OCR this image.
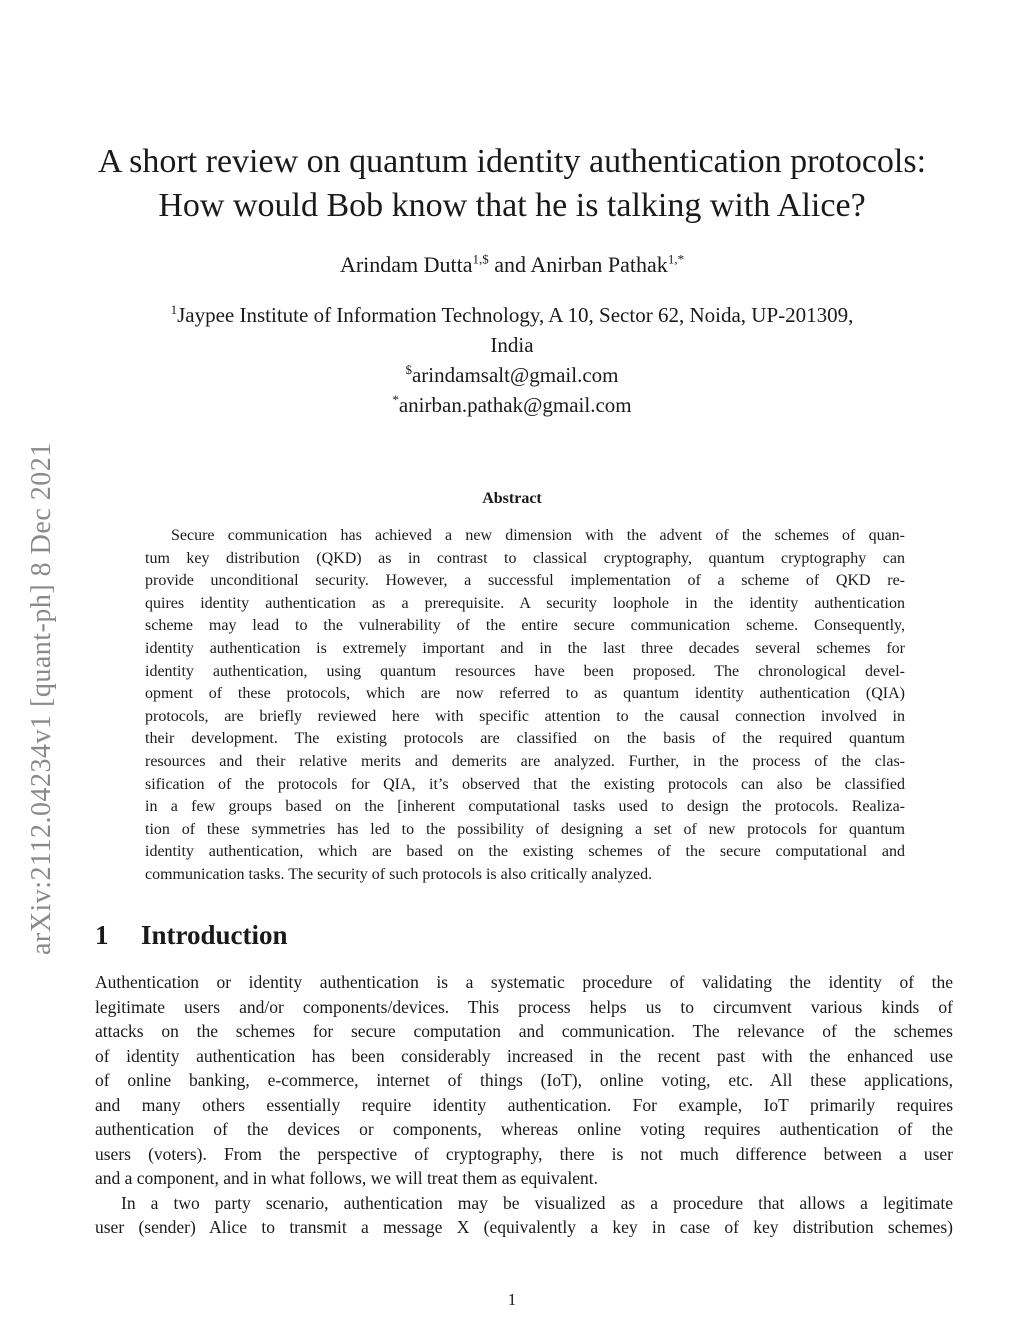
arXiv:2112.04234v1 [quant-ph] 8 Dec 2021
A short review on quantum identity authentication protocols:
How would Bob know that he is talking with Alice?
Arindam Dutta$^{1,\$}$ and Anirban Pathak$^{1,*}$
$^1$Jaypee Institute of Information Technology, A 10, Sector 62, Noida, UP-201309,
India
$arindamsalt@gmail.com
*anirban.pathak@gmail.com
Abstract
Secure communication has achieved a new dimension with the advent of the schemes of quan-
tum key distribution (QKD) as in contrast to classical cryptography, quantum cryptography can
provide unconditional security. However, a successful implementation of a scheme of QKD re-
quires identity authentication as a prerequisite. A security loophole in the identity authentication
scheme may lead to the vulnerability of the entire secure communication scheme. Consequently,
identity authentication is extremely important and in the last three decades several schemes for
identity authentication, using quantum resources have been proposed. The chronological devel-
opment of these protocols, which are now referred to as quantum identity authentication (QIA)
protocols, are briefly reviewed here with specific attention to the causal connection involved in
their development. The existing protocols are classified on the basis of the required quantum
resources and their relative merits and demerits are analyzed. Further, in the process of the clas-
sification of the protocols for QIA, it’s observed that the existing protocols can also be classified
in a few groups based on the [inherent computational tasks used to design the protocols. Realiza-
tion of these symmetries has led to the possibility of designing a set of new protocols for quantum
identity authentication, which are based on the existing schemes of the secure computational and
communication tasks. The security of such protocols is also critically analyzed.
1 Introduction
Authentication or identity authentication is a systematic procedure of validating the identity of the
legitimate users and/or components/devices. This process helps us to circumvent various kinds of
attacks on the schemes for secure computation and communication. The relevance of the schemes
of identity authentication has been considerably increased in the recent past with the enhanced use
of online banking, e-commerce, internet of things (IoT), online voting, etc. All these applications,
and many others essentially require identity authentication. For example, IoT primarily requires
authentication of the devices or components, whereas online voting requires authentication of the
users (voters). From the perspective of cryptography, there is not much difference between a user
and a component, and in what follows, we will treat them as equivalent.
In a two party scenario, authentication may be visualized as a procedure that allows a legitimate
user (sender) Alice to transmit a message X (equivalently a key in case of key distribution schemes)
1
